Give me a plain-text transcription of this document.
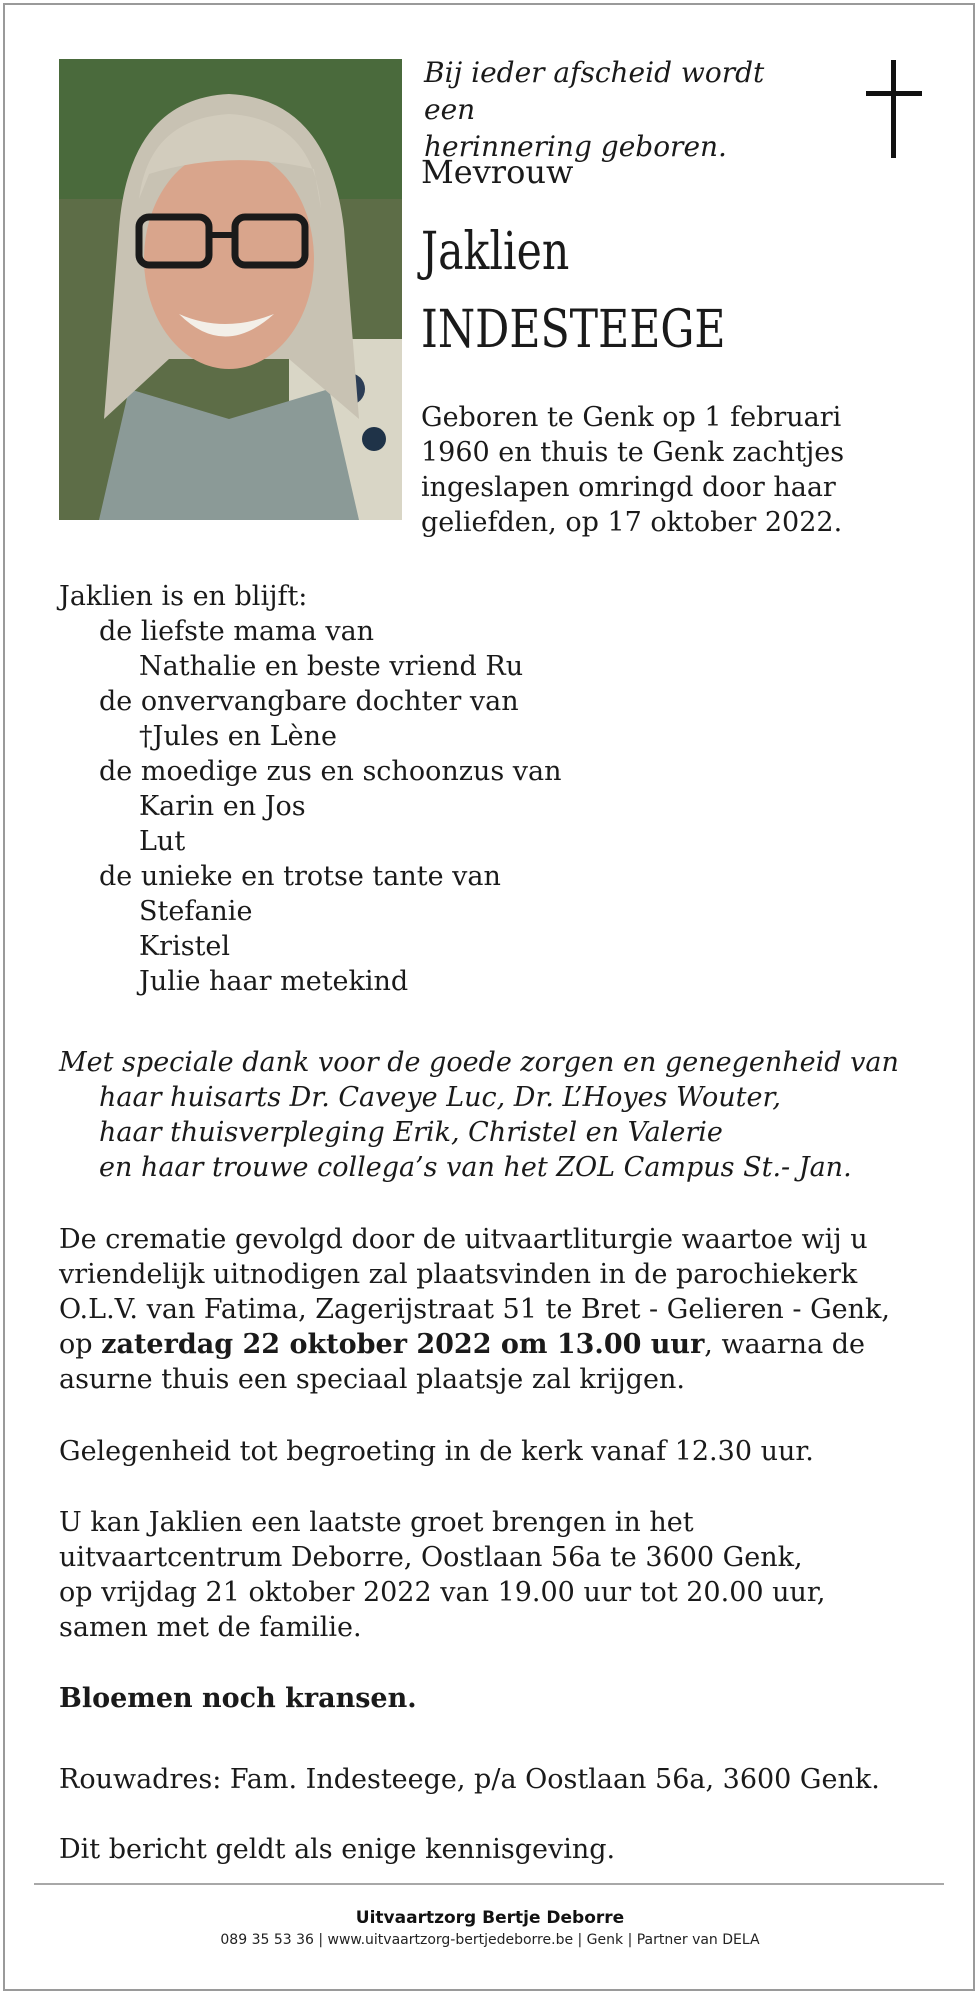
Bij ieder afscheid wordt een
herinnering geboren.
Mevrouw
Jaklien
INDESTEEGE
Geboren te Genk op 1 februari
1960 en thuis te Genk zachtjes
ingeslapen omringd door haar
geliefden, op 17 oktober 2022.
Jaklien is en blijft:
de liefste mama van
Nathalie en beste vriend Ru
de onvervangbare dochter van
†Jules en Lène
de moedige zus en schoonzus van
Karin en Jos
Lut
de unieke en trotse tante van
Stefanie
Kristel
Julie haar metekind
Met speciale dank voor de goede zorgen en genegenheid van
haar huisarts Dr. Caveye Luc, Dr. L’Hoyes Wouter,
haar thuisverpleging Erik, Christel en Valerie
en haar trouwe collega’s van het ZOL Campus St.- Jan.
De crematie gevolgd door de uitvaartliturgie waartoe wij u
vriendelijk uitnodigen zal plaatsvinden in de parochiekerk
O.L.V. van Fatima, Zagerijstraat 51 te Bret - Gelieren - Genk,
op zaterdag 22 oktober 2022 om 13.00 uur, waarna de
asurne thuis een speciaal plaatsje zal krijgen.
Gelegenheid tot begroeting in de kerk vanaf 12.30 uur.
U kan Jaklien een laatste groet brengen in het
uitvaartcentrum Deborre, Oostlaan 56a te 3600 Genk,
op vrijdag 21 oktober 2022 van 19.00 uur tot 20.00 uur,
samen met de familie.
Bloemen noch kransen.
Rouwadres: Fam. Indesteege, p/a Oostlaan 56a, 3600 Genk.
Dit bericht geldt als enige kennisgeving.
Uitvaartzorg Bertje Deborre
089 35 53 36 | www.uitvaartzorg-bertjedeborre.be | Genk | Partner van DELA
